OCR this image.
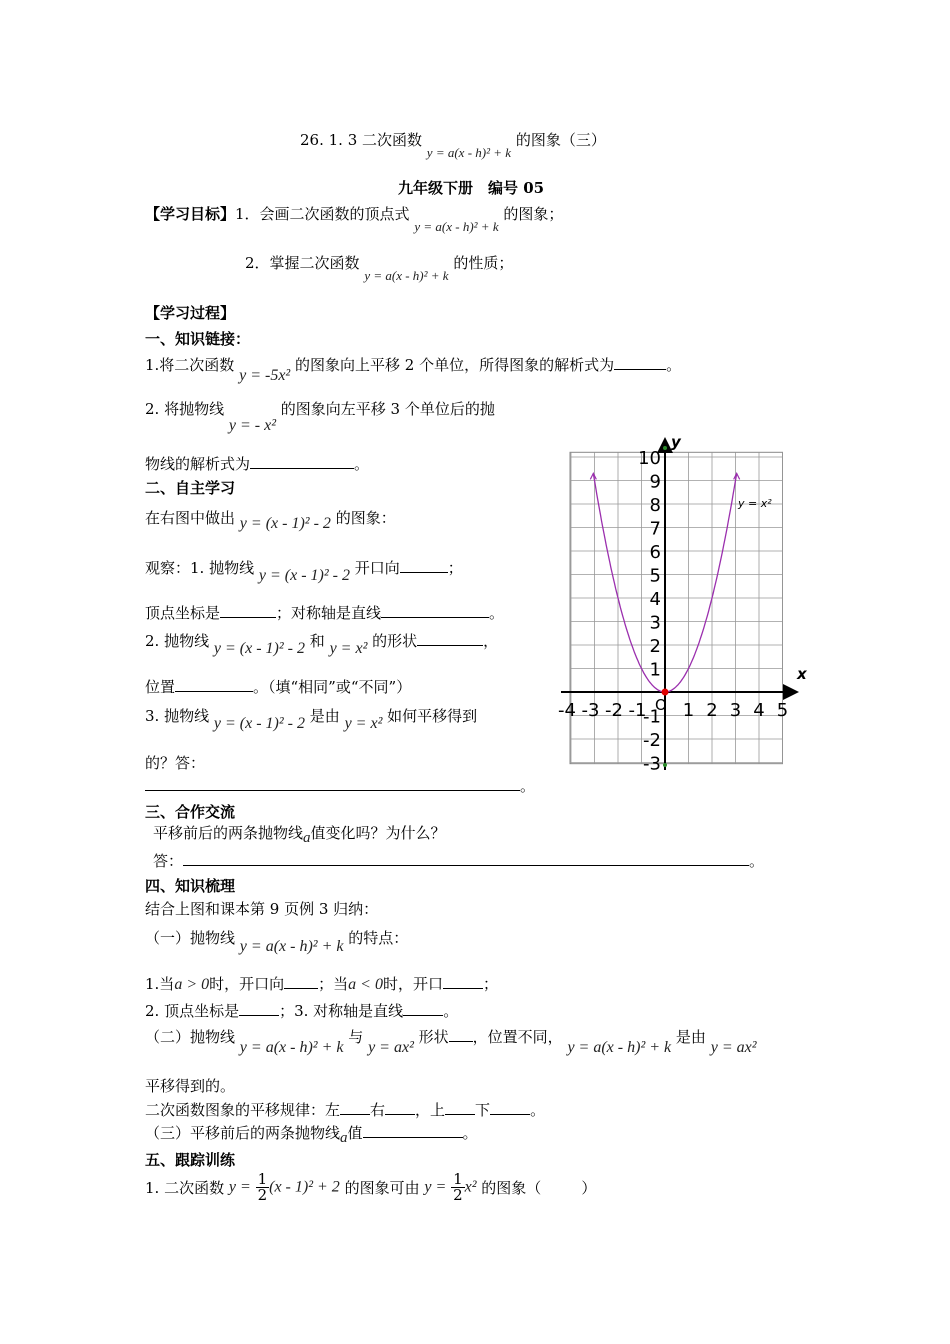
26. 1. 3 二次函数 y = a(x - h)² + k 的图象（三）
九年级下册　编号 05
【学习目标】1．会画二次函数的顶点式 y = a(x - h)² + k 的图象；
2．掌握二次函数 y = a(x - h)² + k 的性质；
【学习过程】
一、知识链接：
1.将二次函数 y = -5x² 的图象向上平移 2 个单位，所得图象的解析式为	。
2. 将抛物线 y = - x² 的图象向左平移 3 个单位后的抛
物线的解析式为	。
二、自主学习
在右图中做出 y = (x - 1)² - 2 的图象：
观察：1. 抛物线 y = (x - 1)² - 2 开口向	；
顶点坐标是	；对称轴是直线	。
2. 抛物线 y = (x - 1)² - 2 和 y = x² 的形状	，
位置	。（填“相同”或“不同”）
3. 抛物线 y = (x - 1)² - 2 是由 y = x² 如何平移得到
的？答：
。
三、合作交流
平移前后的两条抛物线a值变化吗？为什么？
答：	。
四、知识梳理
结合上图和课本第 9 页例 3 归纳：
（一）抛物线 y = a(x - h)² + k 的特点：
1.当a > 0时，开口向 ；当a < 0时，开口	；
2. 顶点坐标是	；3. 对称轴是直线	。
（二）抛物线 y = a(x - h)² + k 与 y = ax² 形状 ，位置不同， y = a(x - h)² + k 是由 y = ax²
平移得到的。
二次函数图象的平移规律：左 右 ，上 下	。
（三）平移前后的两条抛物线a值	。
五、跟踪训练
1. 二次函数 $y = \frac{1}{2} (x - 1)^2 + 2$ 的图象可由 $y = \frac{1}{2} x^2$ 的图象（	）
y
x
y = x²
O
10
9
8
7
6
5
4
3
2
1
-1
-2
-3
1 2 3 4 5
-4 -3 -2 -1
